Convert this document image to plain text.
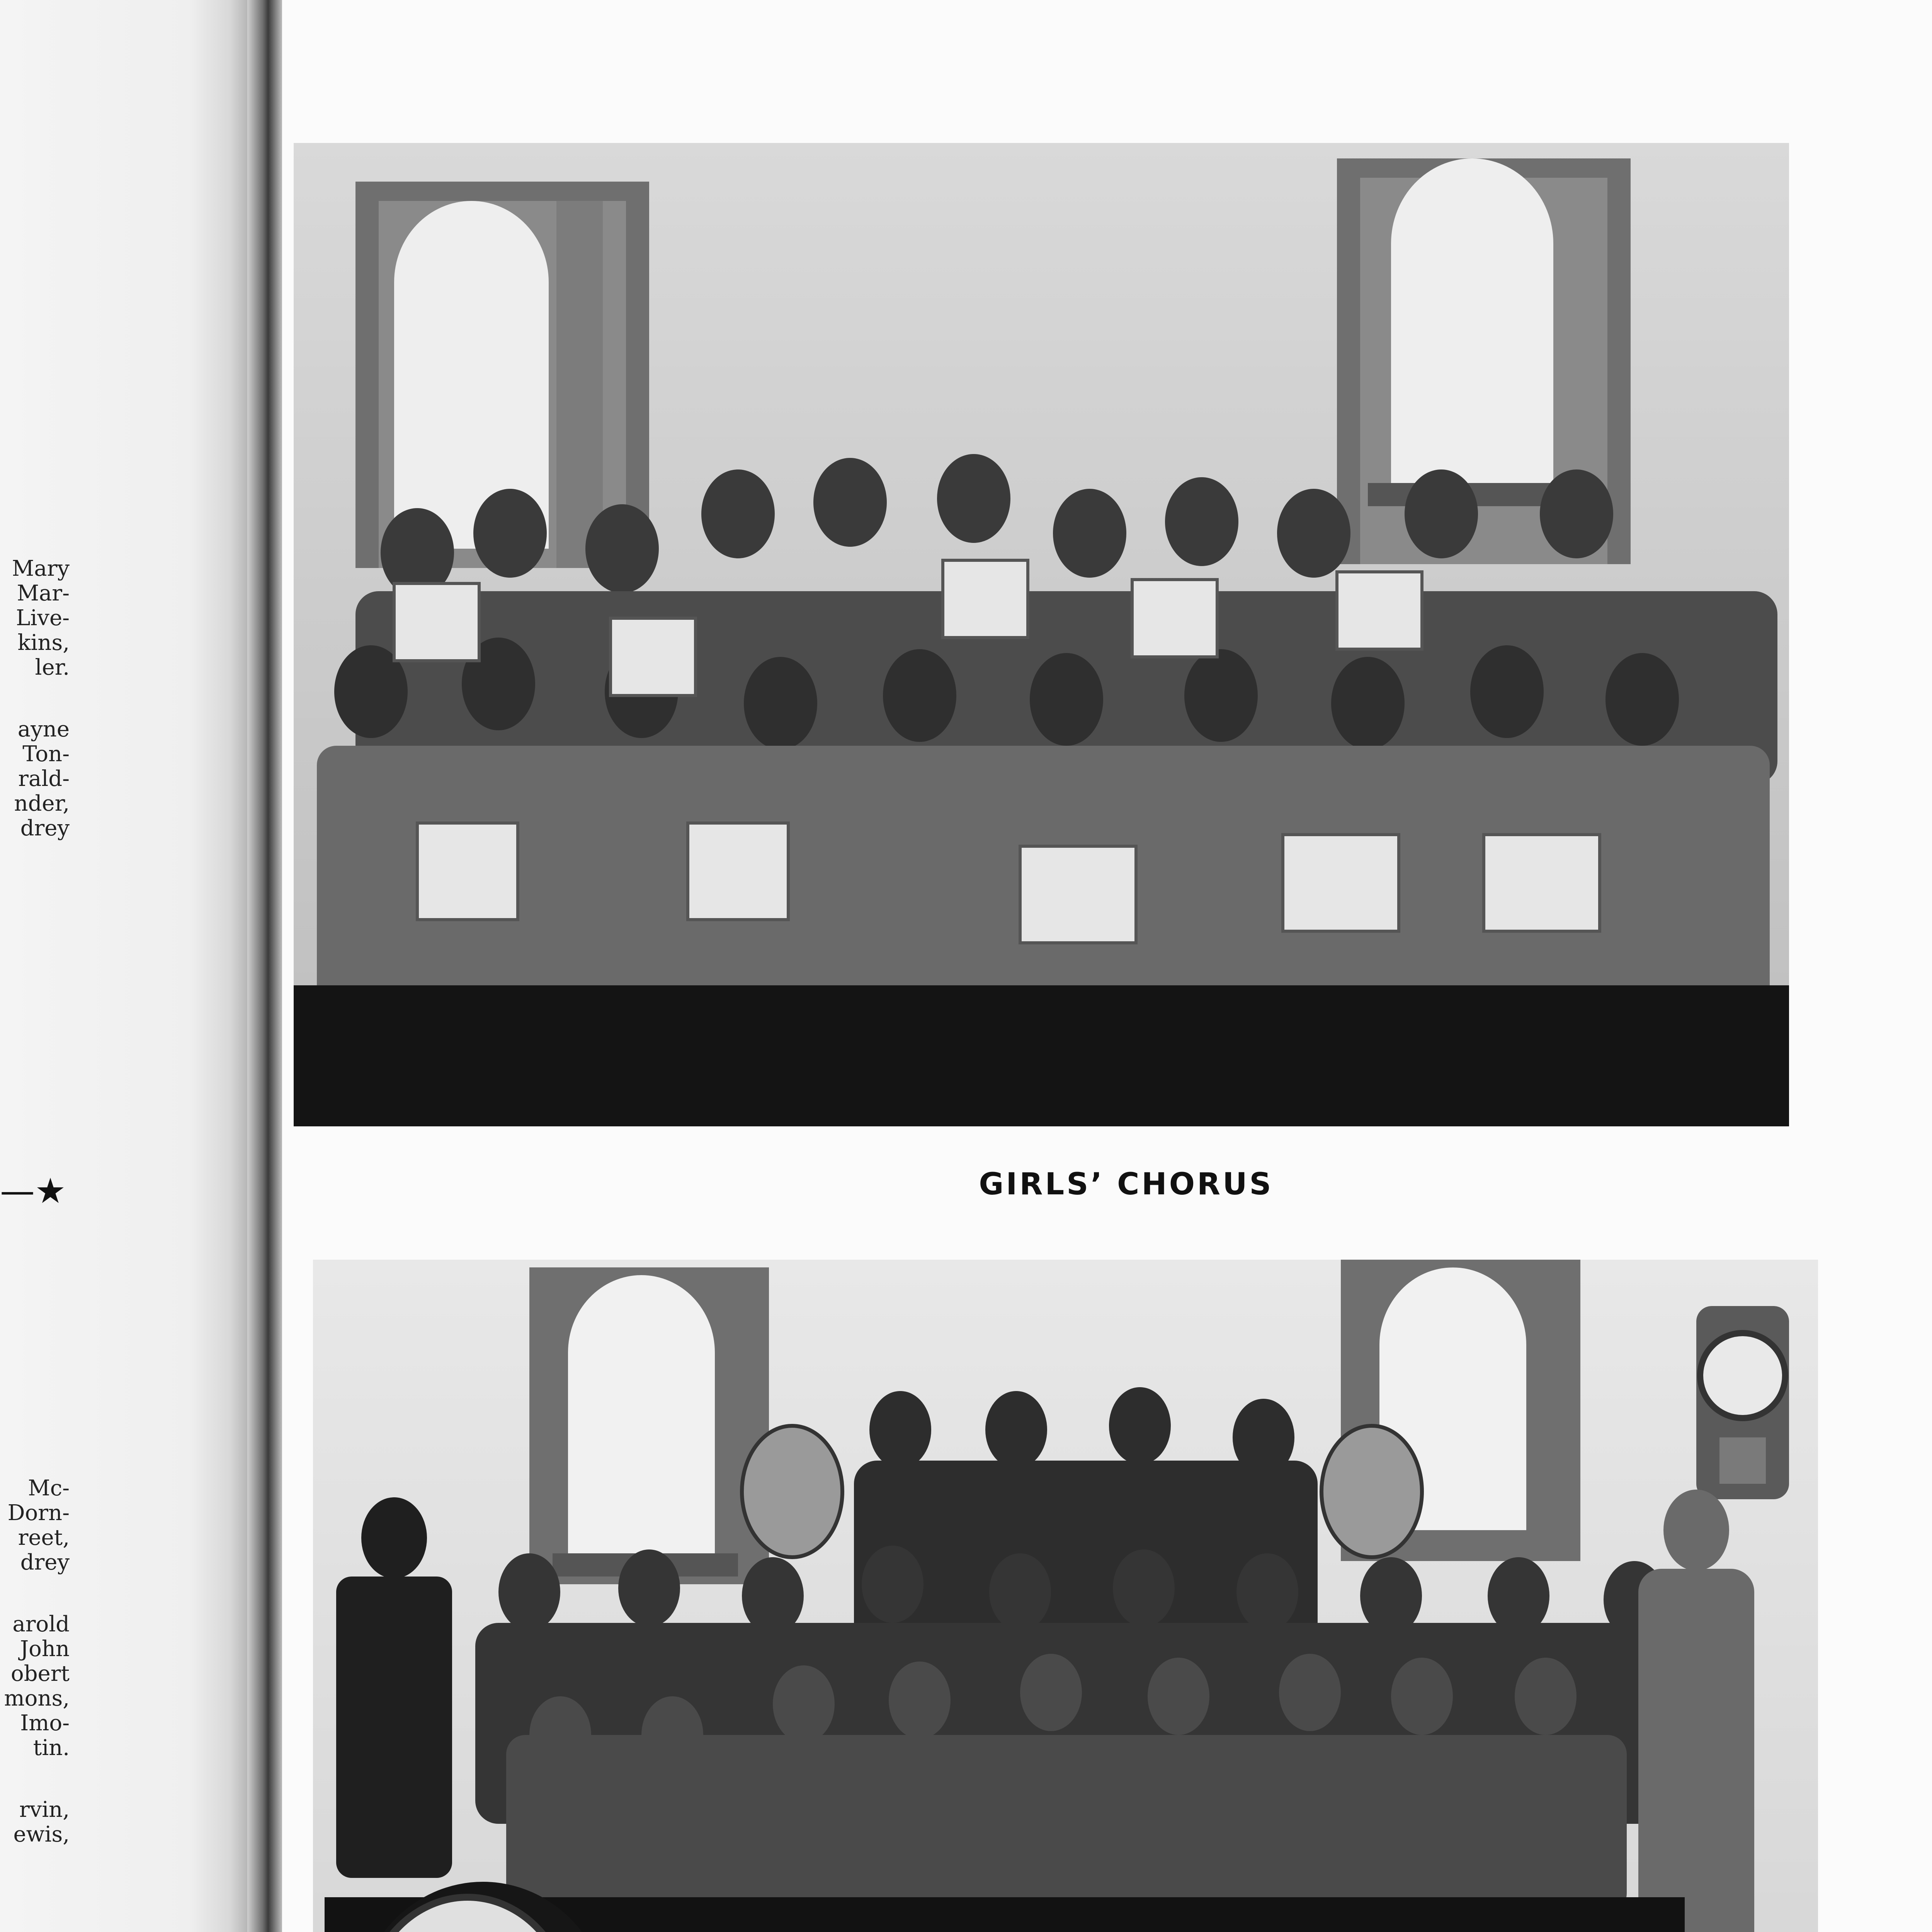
Mary
Mar-
Live-
kins,
ler.
ayne
Ton-
rald-
nder,
drey
—★
Mc-
Dorn-
reet,
drey
arold
John
obert
mons,
Imo-
tin.
rvin,
ewis,
GIRLS’ CHORUS
